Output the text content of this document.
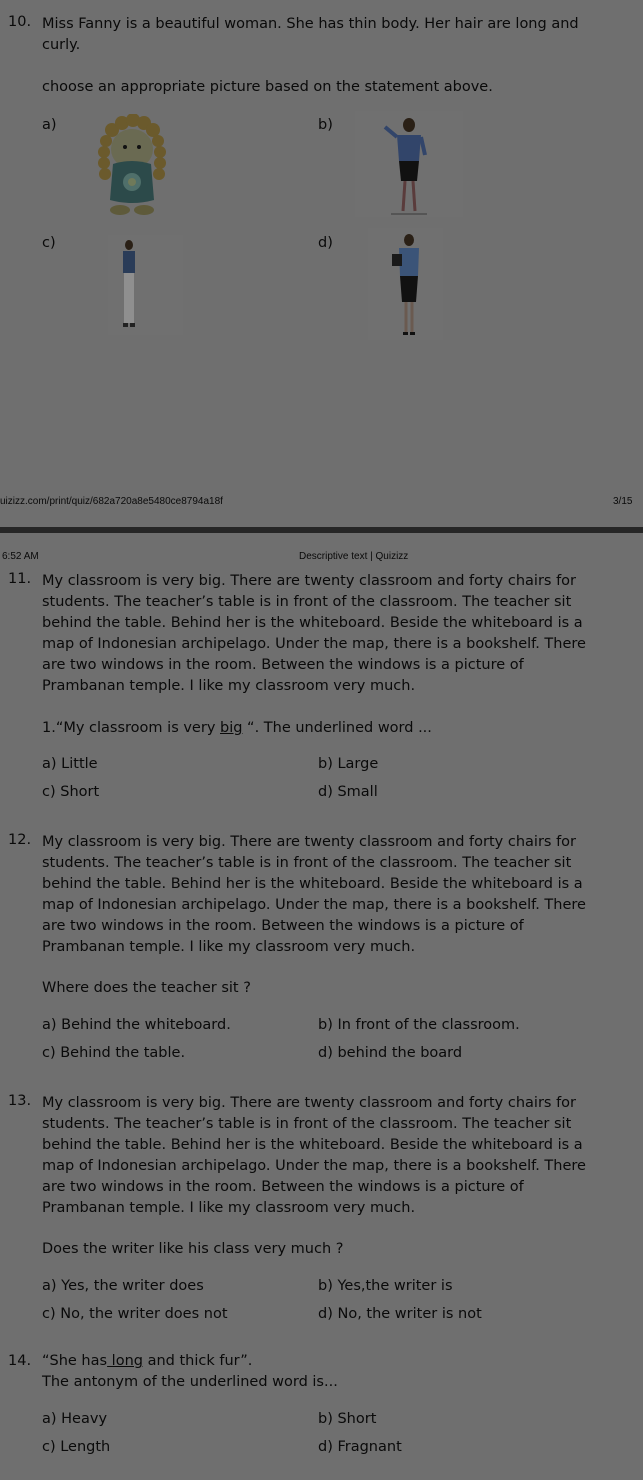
10. Miss Fanny is a beautiful woman. She has thin body. Her hair are long and curly.
choose an appropriate picture based on the statement above.
a)	b)
c)	d)
uizizz.com/print/quiz/682a720a8e5480ce8794a18f	3/15
6:52 AM	Descriptive text | Quizizz
11. My classroom is very big. There are twenty classroom and forty chairs for students. The teacher’s table is in front of the classroom. The teacher sit behind the table. Behind her is the whiteboard. Beside the whiteboard is a map of Indonesian archipelago. Under the map, there is a bookshelf. There are two windows in the room. Between the windows is a picture of Prambanan temple. I like my classroom very much.
1.“My classroom is very big “. The underlined word ...
a) Little	b) Large
c) Short	d) Small
12. My classroom is very big. There are twenty classroom and forty chairs for students. The teacher’s table is in front of the classroom. The teacher sit behind the table. Behind her is the whiteboard. Beside the whiteboard is a map of Indonesian archipelago. Under the map, there is a bookshelf. There are two windows in the room. Between the windows is a picture of Prambanan temple. I like my classroom very much.
Where does the teacher sit ?
a) Behind the whiteboard.	b) In front of the classroom.
c) Behind the table.	d) behind the board
13. My classroom is very big. There are twenty classroom and forty chairs for students. The teacher’s table is in front of the classroom. The teacher sit behind the table. Behind her is the whiteboard. Beside the whiteboard is a map of Indonesian archipelago. Under the map, there is a bookshelf. There are two windows in the room. Between the windows is a picture of Prambanan temple. I like my classroom very much.
Does the writer like his class very much ?
a) Yes, the writer does	b) Yes,the writer is
c) No, the writer does not	d) No, the writer is not
14. “She has long and thick fur”.
The antonym of the underlined word is...
a) Heavy	b) Short
c) Length	d) Fragnant
